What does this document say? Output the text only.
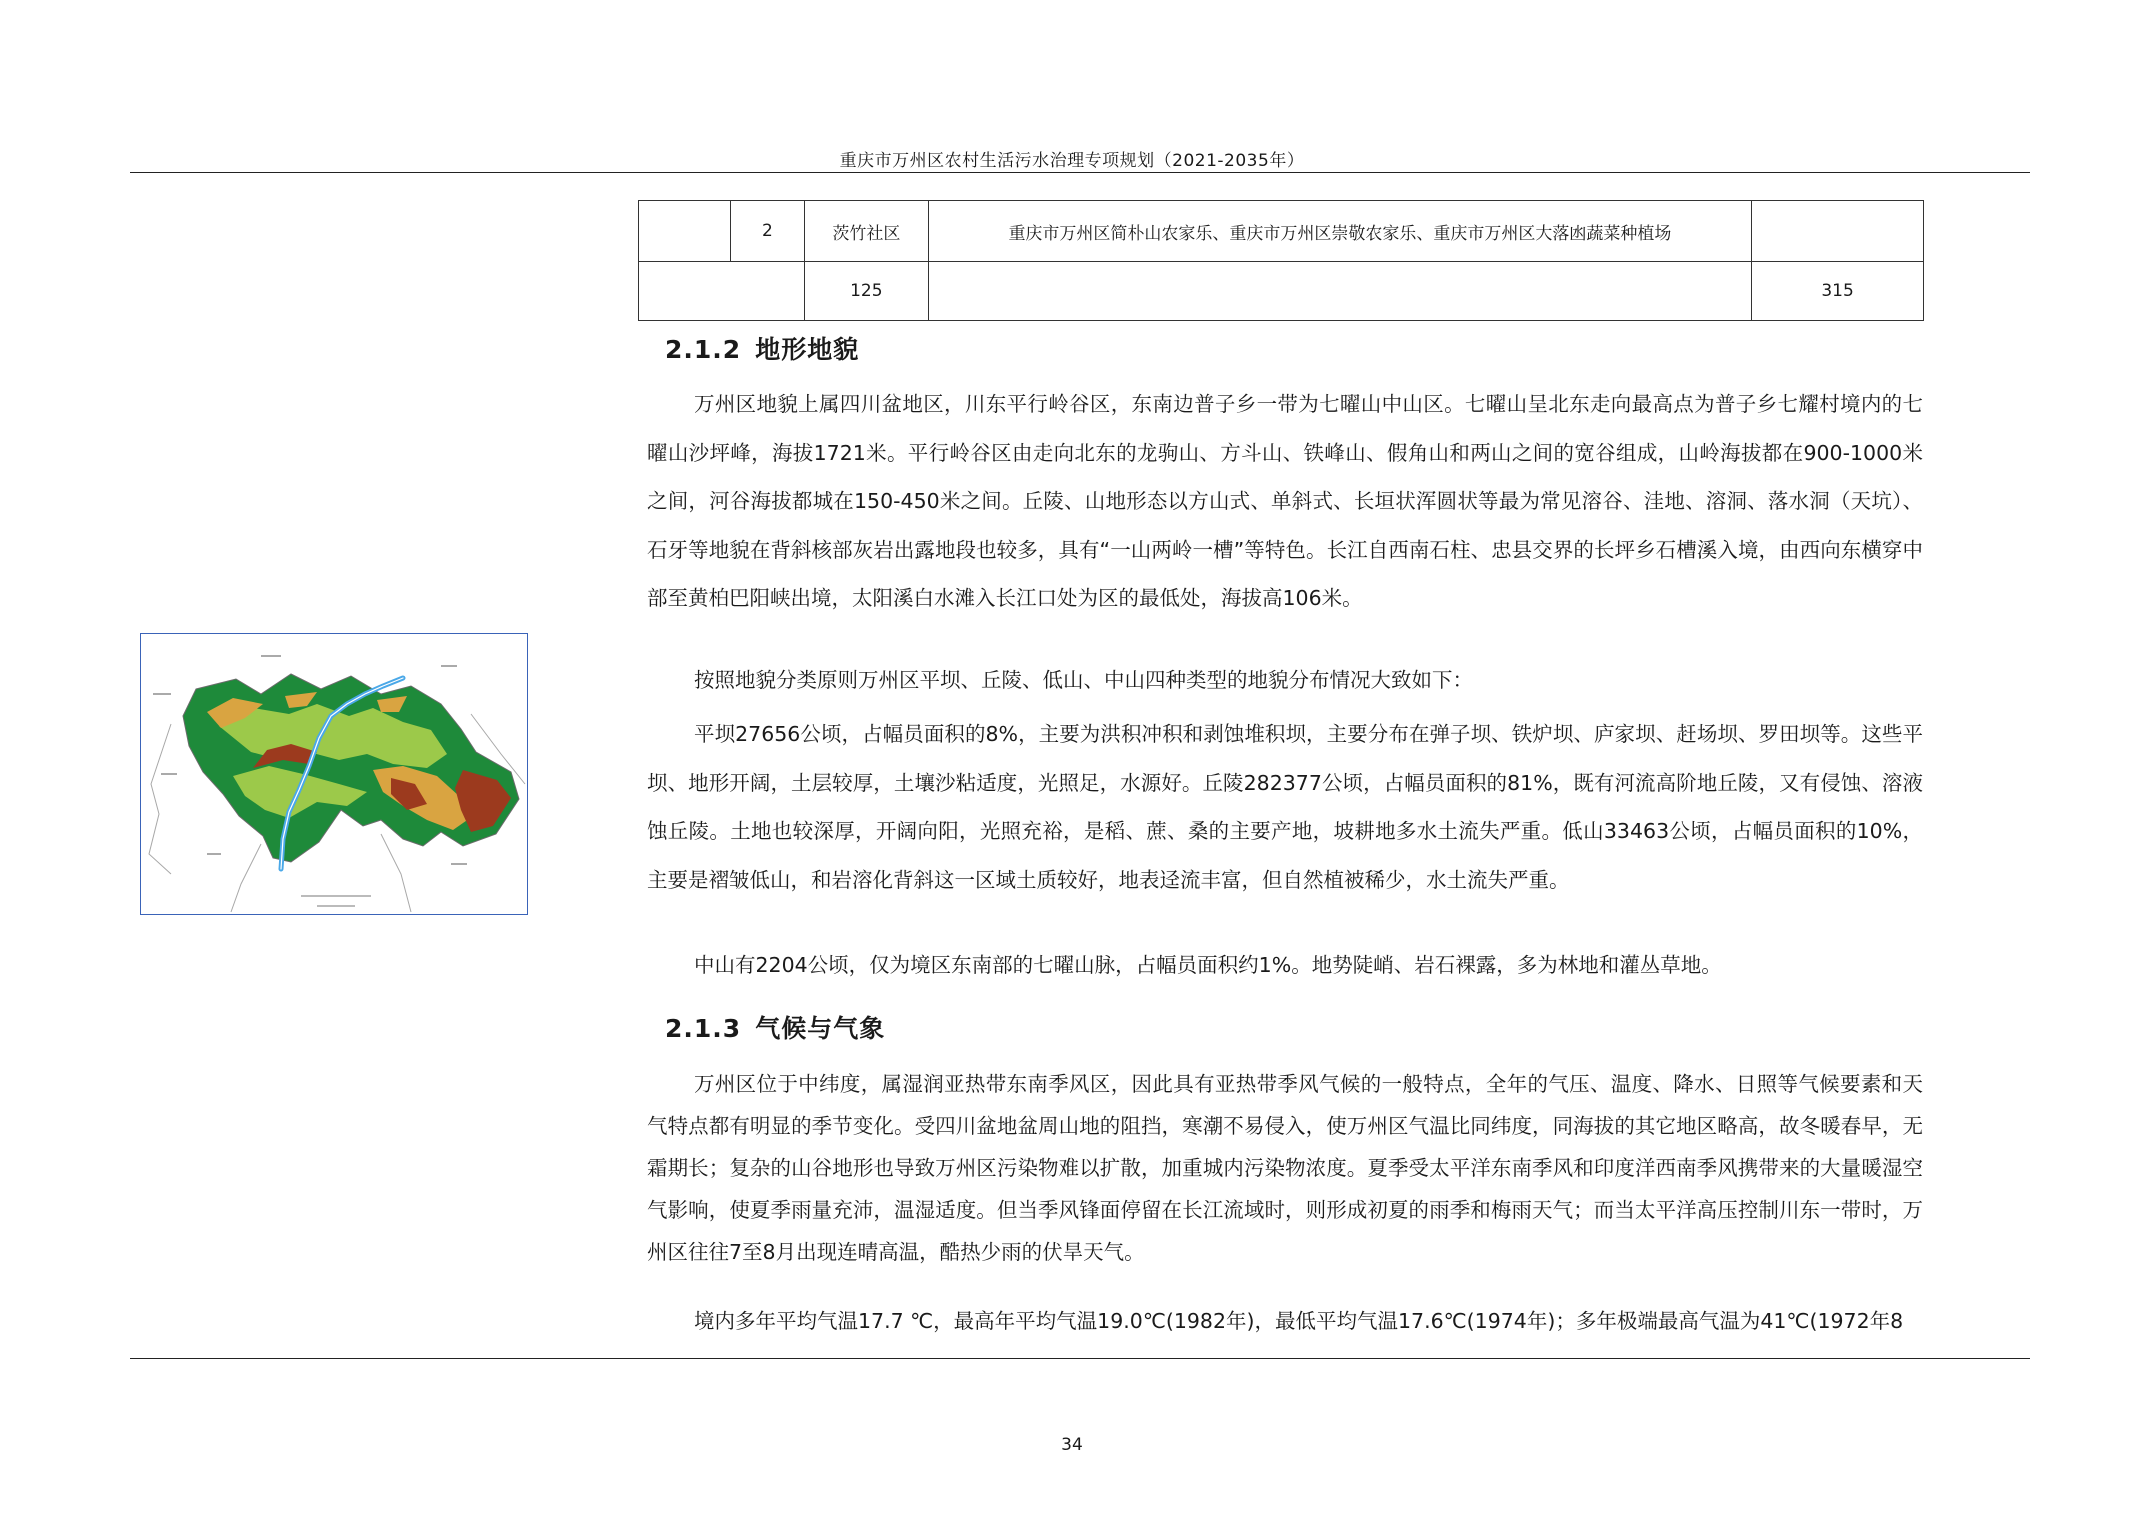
重庆市万州区农村生活污水治理专项规划（2021-2035年）
	2	茨竹社区	重庆市万州区简朴山农家乐、重庆市万州区崇敬农家乐、重庆市万州区大落凼蔬菜种植场	
		125		315
2.1.2 地形地貌

万州区地貌上属四川盆地区，川东平行岭谷区，东南边普子乡一带为七曜山中山区。七曜山呈北东走向最高点为普子乡七耀村境内的七曜山沙坪峰，海拔1721米。平行岭谷区由走向北东的龙驹山、方斗山、铁峰山、假角山和两山之间的宽谷组成，山岭海拔都在900-1000米之间，河谷海拔都城在150-450米之间。丘陵、山地形态以方山式、单斜式、长垣状浑圆状等最为常见溶谷、洼地、溶洞、落水洞（天坑）、石牙等地貌在背斜核部灰岩出露地段也较多，具有“一山两岭一槽”等特色。长江自西南石柱、忠县交界的长坪乡石槽溪入境，由西向东横穿中部至黄柏巴阳峡出境，太阳溪白水滩入长江口处为区的最低处，海拔高106米。

按照地貌分类原则万州区平坝、丘陵、低山、中山四种类型的地貌分布情况大致如下：

平坝27656公顷，占幅员面积的8%，主要为洪积冲积和剥蚀堆积坝，主要分布在弹子坝、铁炉坝、庐家坝、赶场坝、罗田坝等。这些平坝、地形开阔，土层较厚，土壤沙粘适度，光照足，水源好。丘陵282377公顷，占幅员面积的81%，既有河流高阶地丘陵，又有侵蚀、溶液蚀丘陵。土地也较深厚，开阔向阳，光照充裕，是稻、蔗、桑的主要产地，坡耕地多水土流失严重。低山33463公顷，占幅员面积的10%，主要是褶皱低山，和岩溶化背斜这一区域土质较好，地表迳流丰富，但自然植被稀少，水土流失严重。

中山有2204公顷，仅为境区东南部的七曜山脉，占幅员面积约1%。地势陡峭、岩石裸露，多为林地和灌丛草地。

2.1.3 气候与气象

万州区位于中纬度，属湿润亚热带东南季风区，因此具有亚热带季风气候的一般特点，全年的气压、温度、降水、日照等气候要素和天气特点都有明显的季节变化。受四川盆地盆周山地的阻挡，寒潮不易侵入，使万州区气温比同纬度，同海拔的其它地区略高，故冬暖春早，无霜期长；复杂的山谷地形也导致万州区污染物难以扩散，加重城内污染物浓度。夏季受太平洋东南季风和印度洋西南季风携带来的大量暖湿空气影响，使夏季雨量充沛，温湿适度。但当季风锋面停留在长江流域时，则形成初夏的雨季和梅雨天气；而当太平洋高压控制川东一带时，万州区往往7至8月出现连晴高温，酷热少雨的伏旱天气。

境内多年平均气温17.7 ℃，最高年平均气温19.0℃(1982年)，最低平均气温17.6℃(1974年)；多年极端最高气温为41℃(1972年8

34
